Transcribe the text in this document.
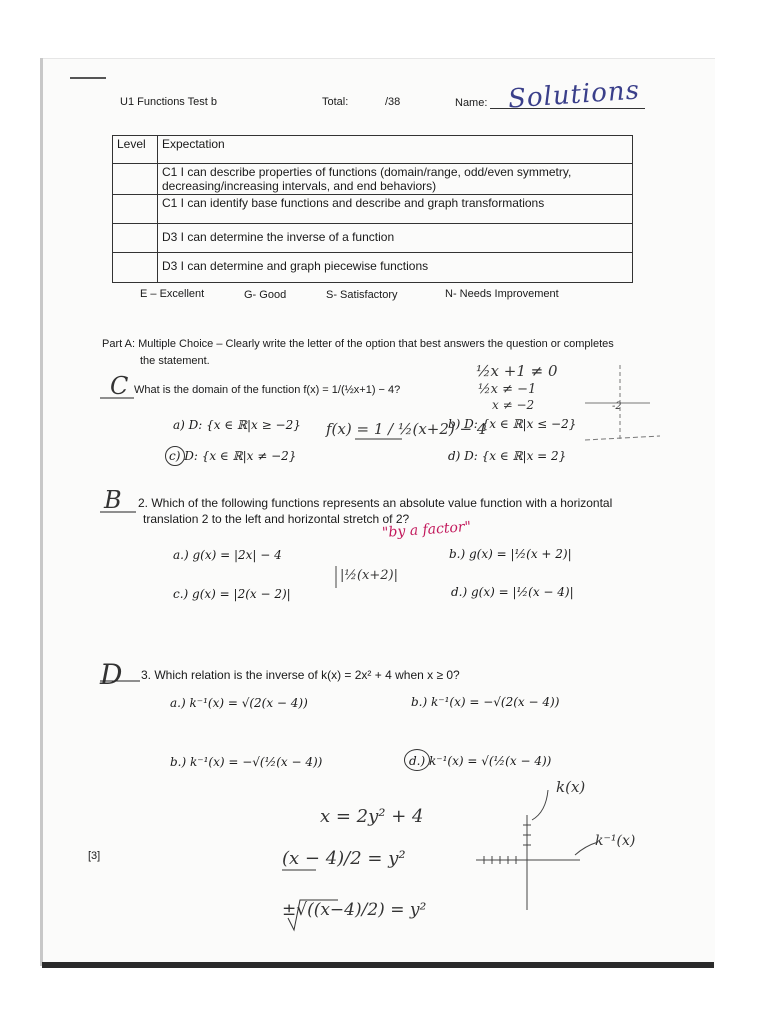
U1 Functions Test b	Total:	/38	Name: Solutions
Level	Expectation
	C1 I can describe properties of functions (domain/range, odd/even symmetry, decreasing/increasing intervals, and end behaviors)
	C1 I can identify base functions and describe and graph transformations
	D3 I can determine the inverse of a function
	D3 I can determine and graph piecewise functions
E – Excellent	G- Good	S- Satisfactory	N- Needs Improvement
Part A: Multiple Choice – Clearly write the letter of the option that best answers the question or completes
the statement.
C What is the domain of the function f(x) = 1/(½x+1) − 4?
a) D: {x ∈ ℝ|x ≥ −2}	b) D: {x ∈ ℝ|x ≤ −2}
c) D: {x ∈ ℝ|x ≠ −2}	d) D: {x ∈ ℝ|x = 2}
½x +1 ≠ 0
½x ≠ −1
x ≠ −2
f(x) = 1 / ½(x+2) − 4
-2
B 2. Which of the following functions represents an absolute value function with a horizontal
translation 2 to the left and horizontal stretch of 2?
"by a factor"
a.) g(x) = |2x| − 4	b.) g(x) = |½(x + 2)|
c.) g(x) = |2(x − 2)|	d.) g(x) = |½(x − 4)|
|½(x+2)|
D 3. Which relation is the inverse of k(x) = 2x² + 4 when x ≥ 0?
a.) k⁻¹(x) = √(2(x − 4))	b.) k⁻¹(x) = −√(2(x − 4))
b.) k⁻¹(x) = −√(½(x − 4))	d.) k⁻¹(x) = √(½(x − 4))
x = 2y² + 4
(x − 4)/2 = y²
±√((x−4)/2) = y²
k(x)
k⁻¹(x)
[3]
